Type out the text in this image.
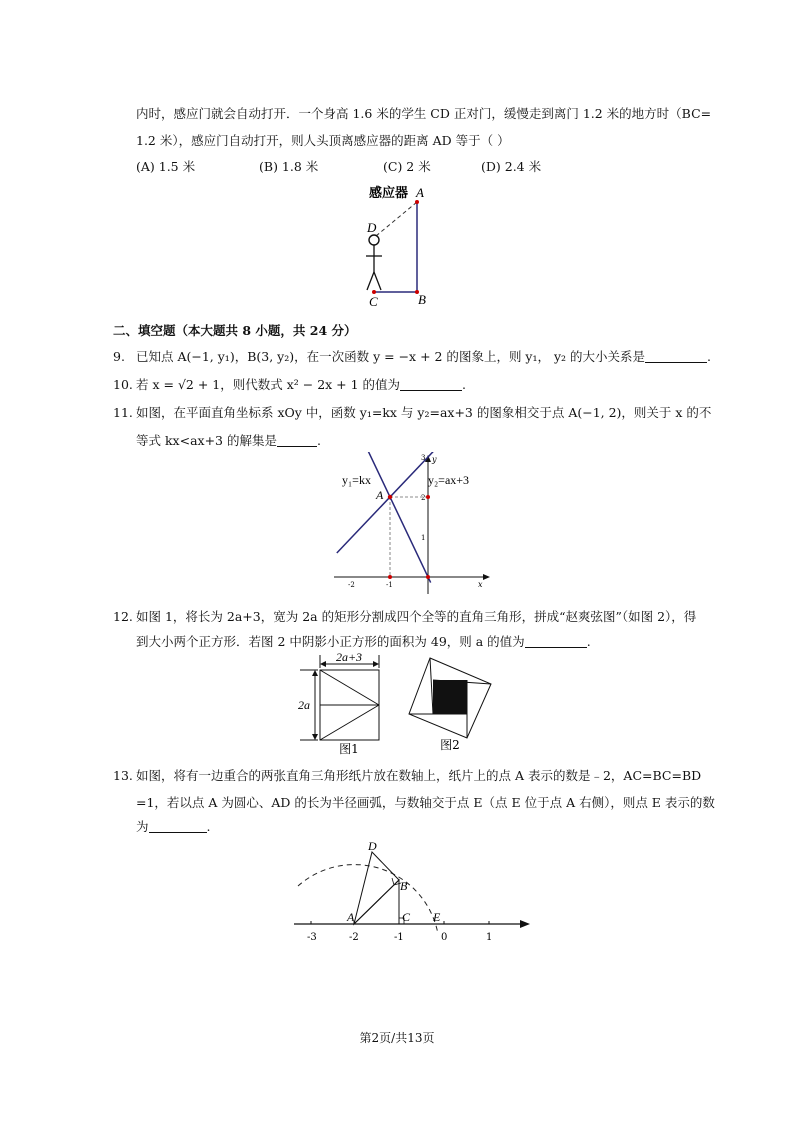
内时，感应门就会自动打开．一个身高 1.6 米的学生 CD 正对门，缓慢走到离门 1.2 米的地方时（BC=
1.2 米），感应门自动打开，则人头顶离感应器的距离 AD 等于（ ）
(A) 1.5 米	(B) 1.8 米	(C) 2 米	(D) 2.4 米
感应器 A
D
C	B
二、填空题（本大题共 8 小题，共 24 分）
9. 已知点 A(−1, y₁)，B(3, y₂)，在一次函数 y = −x + 2 的图象上，则 y₁， y₂ 的大小关系是	.
10. 若 x = √2 + 1，则代数式 x² − 2x + 1 的值为	.
11. 如图，在平面直角坐标系 xOy 中，函数 y₁=kx 与 y₂=ax+3 的图象相交于点 A(−1, 2)，则关于 x 的不
等式 kx<ax+3 的解集是	.
x
y
-2	-1
1
2
3
y₁=kx	y₂=ax+3
A
12. 如图 1，将长为 2a+3，宽为 2a 的矩形分割成四个全等的直角三角形，拼成“赵爽弦图”（如图 2），得
到大小两个正方形．若图 2 中阴影小正方形的面积为 49，则 a 的值为	.
2a+3
2a
图1	图2
13. 如图，将有一边重合的两张直角三角形纸片放在数轴上，纸片上的点 A 表示的数是﹣2，AC=BC=BD
=1，若以点 A 为圆心、AD 的长为半径画弧，与数轴交于点 E（点 E 位于点 A 右侧），则点 E 表示的数
为	.
-3	-2	-1	0	1
A
B
C
D
E
第2页/共13页
